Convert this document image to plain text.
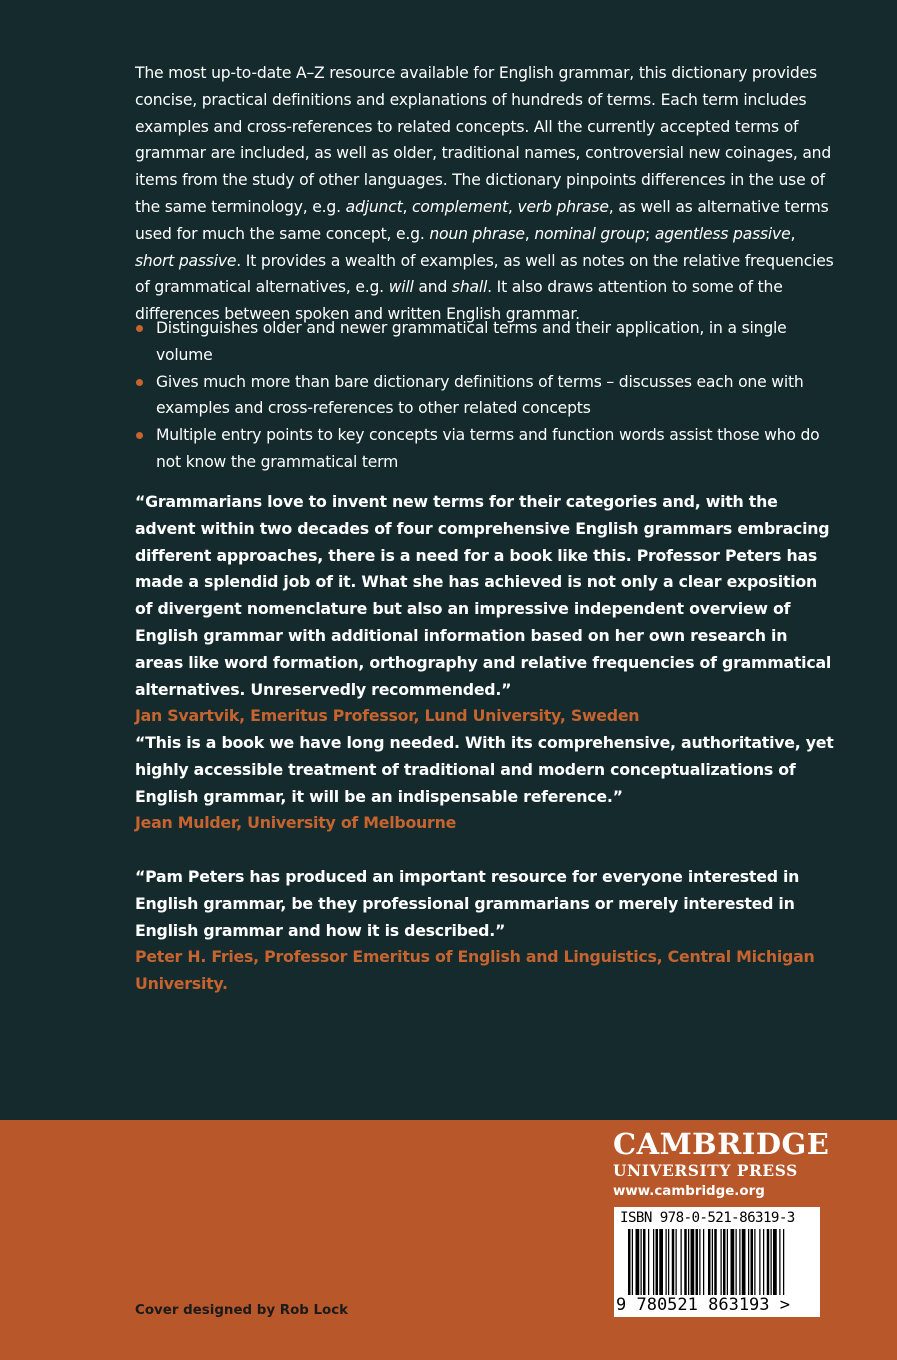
The most up-to-date A–Z resource available for English grammar, this dictionary provides concise, practical definitions and explanations of hundreds of terms. Each term includes examples and cross-references to related concepts. All the currently accepted terms of grammar are included, as well as older, traditional names, controversial new coinages, and items from the study of other languages. The dictionary pinpoints differences in the use of the same terminology, e.g. adjunct, complement, verb phrase, as well as alternative terms used for much the same concept, e.g. noun phrase, nominal group; agentless passive, short passive. It provides a wealth of examples, as well as notes on the relative frequencies of grammatical alternatives, e.g. will and shall. It also draws attention to some of the differences between spoken and written English grammar.

Distinguishes older and newer grammatical terms and their application, in a single volume
Gives much more than bare dictionary definitions of terms – discusses each one with examples and cross-references to other related concepts
Multiple entry points to key concepts via terms and function words assist those who do not know the grammatical term

“Grammarians love to invent new terms for their categories and, with the advent within two decades of four comprehensive English grammars embracing different approaches, there is a need for a book like this. Professor Peters has made a splendid job of it. What she has achieved is not only a clear exposition of divergent nomenclature but also an impressive independent overview of English grammar with additional information based on her own research in areas like word formation, orthography and relative frequencies of grammatical alternatives. Unreservedly recommended.”

Jan Svartvik, Emeritus Professor, Lund University, Sweden

“This is a book we have long needed. With its comprehensive, authoritative, yet highly accessible treatment of traditional and modern conceptualizations of English grammar, it will be an indispensable reference.”

Jean Mulder, University of Melbourne

“Pam Peters has produced an important resource for everyone interested in English grammar, be they professional grammarians or merely interested in English grammar and how it is described.”

Peter H. Fries, Professor Emeritus of English and Linguistics, Central Michigan University.

CAMBRIDGE
UNIVERSITY PRESS
www.cambridge.org
ISBN 978-0-521-86319-3
9 780521 863193 >
Cover designed by Rob Lock
